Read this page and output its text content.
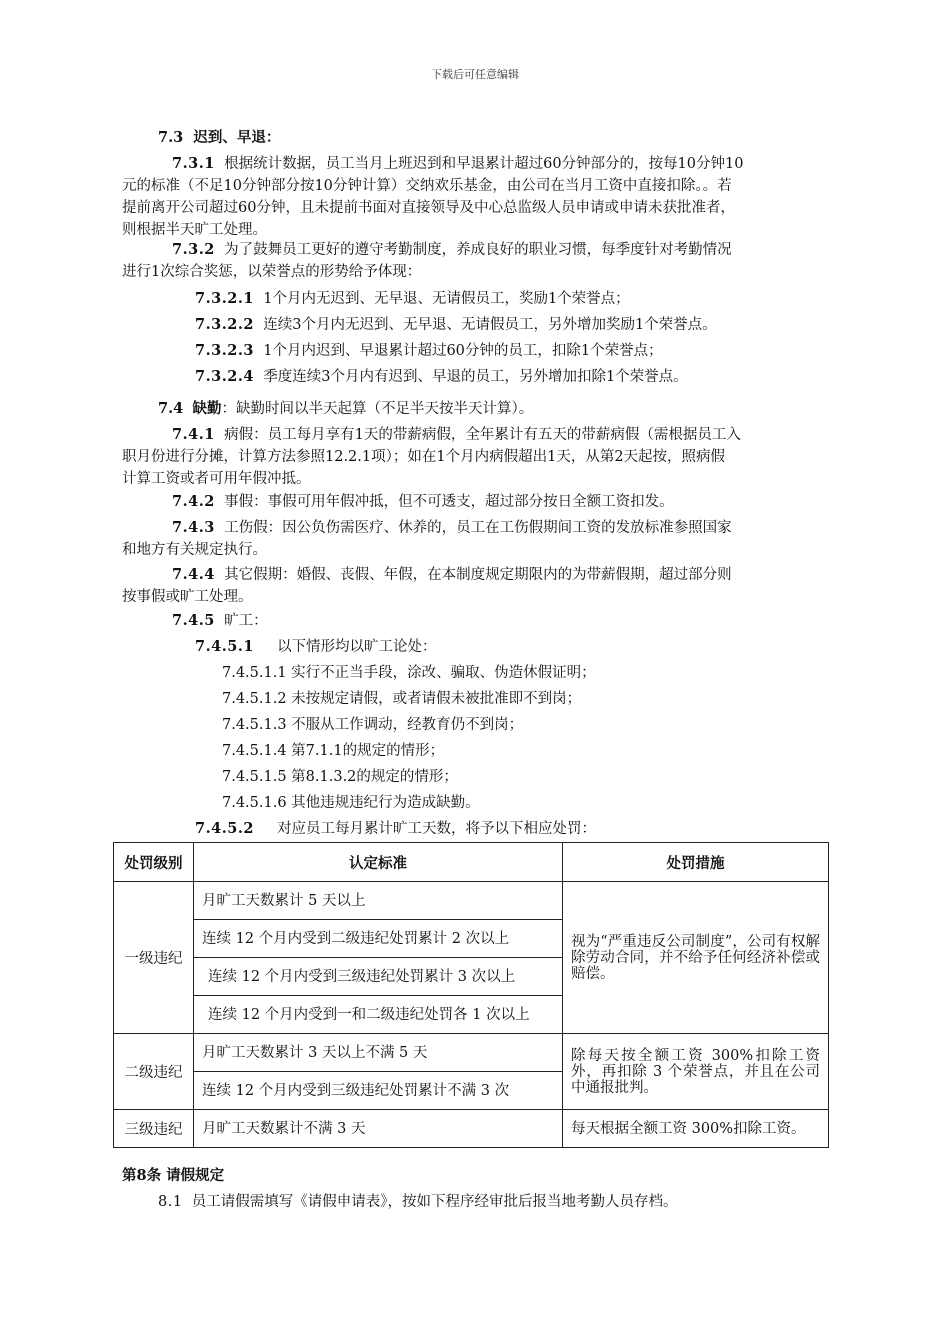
下载后可任意编辑
7.3 迟到、早退：
7.3.1 根据统计数据，员工当月上班迟到和早退累计超过60分钟部分的，按每10分钟10
元的标准（不足10分钟部分按10分钟计算）交纳欢乐基金，由公司在当月工资中直接扣除。。若
提前离开公司超过60分钟，且未提前书面对直接领导及中心总监级人员申请或申请未获批准者，
则根据半天旷工处理。
7.3.2 为了鼓舞员工更好的遵守考勤制度，养成良好的职业习惯，每季度针对考勤情况
进行1次综合奖惩，以荣誉点的形势给予体现：
7.3.2.1 1个月内无迟到、无早退、无请假员工，奖励1个荣誉点；
7.3.2.2 连续3个月内无迟到、无早退、无请假员工，另外增加奖励1个荣誉点。
7.3.2.3 1个月内迟到、早退累计超过60分钟的员工，扣除1个荣誉点；
7.3.2.4 季度连续3个月内有迟到、早退的员工，另外增加扣除1个荣誉点。
7.4 缺勤：缺勤时间以半天起算（不足半天按半天计算）。
7.4.1 病假：员工每月享有1天的带薪病假，全年累计有五天的带薪病假（需根据员工入
职月份进行分摊，计算方法参照12.2.1项）；如在1个月内病假超出1天，从第2天起按，照病假
计算工资或者可用年假冲抵。
7.4.2 事假：事假可用年假冲抵，但不可透支，超过部分按日全额工资扣发。
7.4.3 工伤假：因公负伤需医疗、休养的，员工在工伤假期间工资的发放标准参照国家
和地方有关规定执行。
7.4.4 其它假期：婚假、丧假、年假，在本制度规定期限内的为带薪假期，超过部分则
按事假或旷工处理。
7.4.5 旷工：
7.4.5.1 以下情形均以旷工论处：
7.4.5.1.1 实行不正当手段，涂改、骗取、伪造休假证明；
7.4.5.1.2 未按规定请假，或者请假未被批准即不到岗；
7.4.5.1.3 不服从工作调动，经教育仍不到岗；
7.4.5.1.4 第7.1.1的规定的情形；
7.4.5.1.5 第8.1.3.2的规定的情形；
7.4.5.1.6 其他违规违纪行为造成缺勤。
7.4.5.2 对应员工每月累计旷工天数，将予以下相应处罚：
处罚级别	认定标准	处罚措施
一级违纪	月旷工天数累计 5 天以上	视为“严重违反公司制度”，公司有权解除劳动合同，并不给予任何经济补偿或赔偿。
	连续 12 个月内受到二级违纪处罚累计 2 次以上	
	连续 12 个月内受到三级违纪处罚累计 3 次以上	
	连续 12 个月内受到一和二级违纪处罚各 1 次以上	
二级违纪	月旷工天数累计 3 天以上不满 5 天	除每天按全额工资 300%扣除工资外，再扣除 3 个荣誉点，并且在公司中通报批判。
	连续 12 个月内受到三级违纪处罚累计不满 3 次	
三级违纪	月旷工天数累计不满 3 天	每天根据全额工资 300%扣除工资。
第8条 请假规定
8.1 员工请假需填写《请假申请表》，按如下程序经审批后报当地考勤人员存档。
